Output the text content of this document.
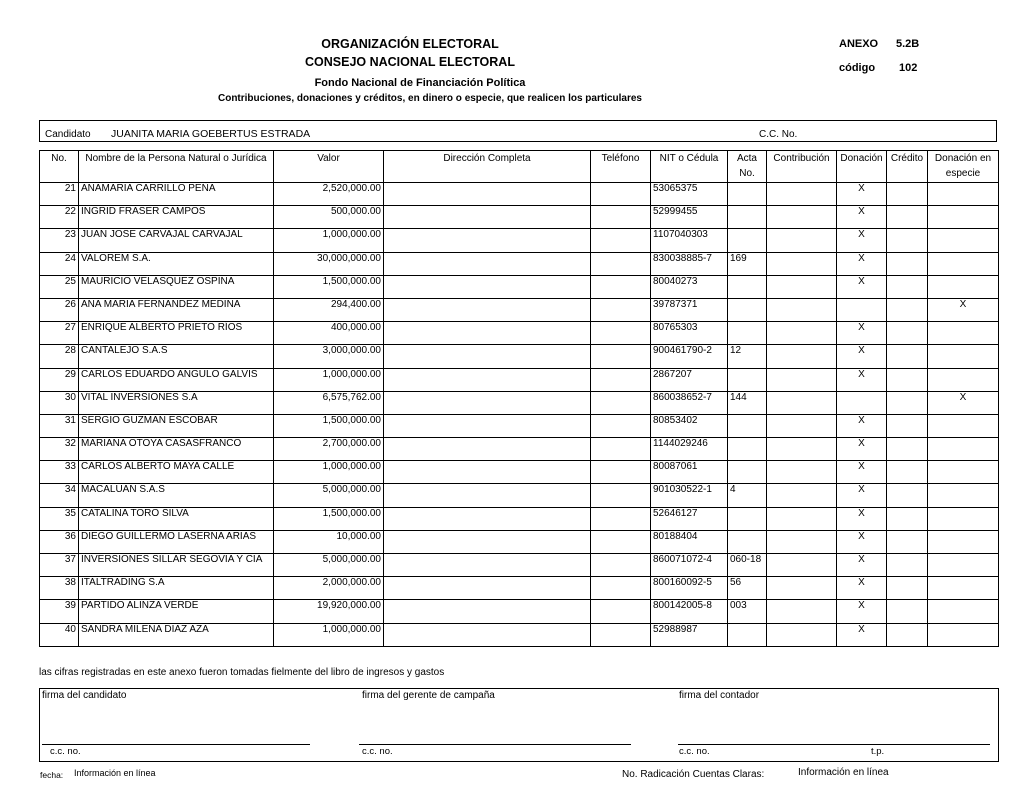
ORGANIZACIÓN ELECTORAL
CONSEJO NACIONAL ELECTORAL
Fondo Nacional de Financiación Política
Contribuciones, donaciones y créditos, en dinero o especie, que realicen los particulares
ANEXO 5.2B
código 102
Candidato JUANITA MARIA GOEBERTUS ESTRADA	C.C. No.
No.	Nombre de la Persona Natural o Jurídica	Valor	Dirección Completa	Teléfono	NIT o Cédula	Acta No.	Contribución	Donación	Crédito	Donación en especie
21	ANAMARIA CARRILLO PEÑA	2,520,000.00			53065375			X		
22	INGRID FRASER CAMPOS	500,000.00			52999455			X		
23	JUAN JOSE CARVAJAL CARVAJAL	1,000,000.00			1107040303			X		
24	VALOREM S.A.	30,000,000.00			830038885-7	169		X		
25	MAURICIO VELASQUEZ OSPINA	1,500,000.00			80040273			X		
26	ANA MARIA FERNANDEZ MEDINA	294,400.00			39787371					X
27	ENRIQUE ALBERTO PRIETO RÍOS	400,000.00			80765303			X		
28	CANTALEJO S.A.S	3,000,000.00			900461790-2	12		X		
29	CARLOS EDUARDO ANGULO GALVIS	1,000,000.00			2867207			X		
30	VITAL INVERSIONES S.A	6,575,762.00			860038652-7	144				X
31	SERGIO GUZMAN ESCOBAR	1,500,000.00			80853402			X		
32	MARIANA OTOYA CASASFRANCO	2,700,000.00			1144029246			X		
33	CARLOS ALBERTO MAYA CALLE	1,000,000.00			80087061			X		
34	MACALUAN S.A.S	5,000,000.00			901030522-1	4		X		
35	CATALINA TORO SILVA	1,500,000.00			52646127			X		
36	DIEGO GUILLERMO LASERNA ARIAS	10,000.00			80188404			X		
37	INVERSIONES SILLAR SEGOVIA Y CIA	5,000,000.00			860071072-4	060-18		X		
38	ITALTRADING S.A	2,000,000.00			800160092-5	56		X		
39	PARTIDO ALINZA VERDE	19,920,000.00			800142005-8	003		X		
40	SANDRA MILENA DIAZ AZA	1,000,000.00			52988987			X		
las cifras registradas en este anexo fueron tomadas fielmente del libro de ingresos y gastos
firma del candidato	firma del gerente de campaña	firma del contador
c.c. no.	c.c. no.	c.c. no.	t.p.
fecha: Información en línea	No. Radicación Cuentas Claras:	Información en línea
